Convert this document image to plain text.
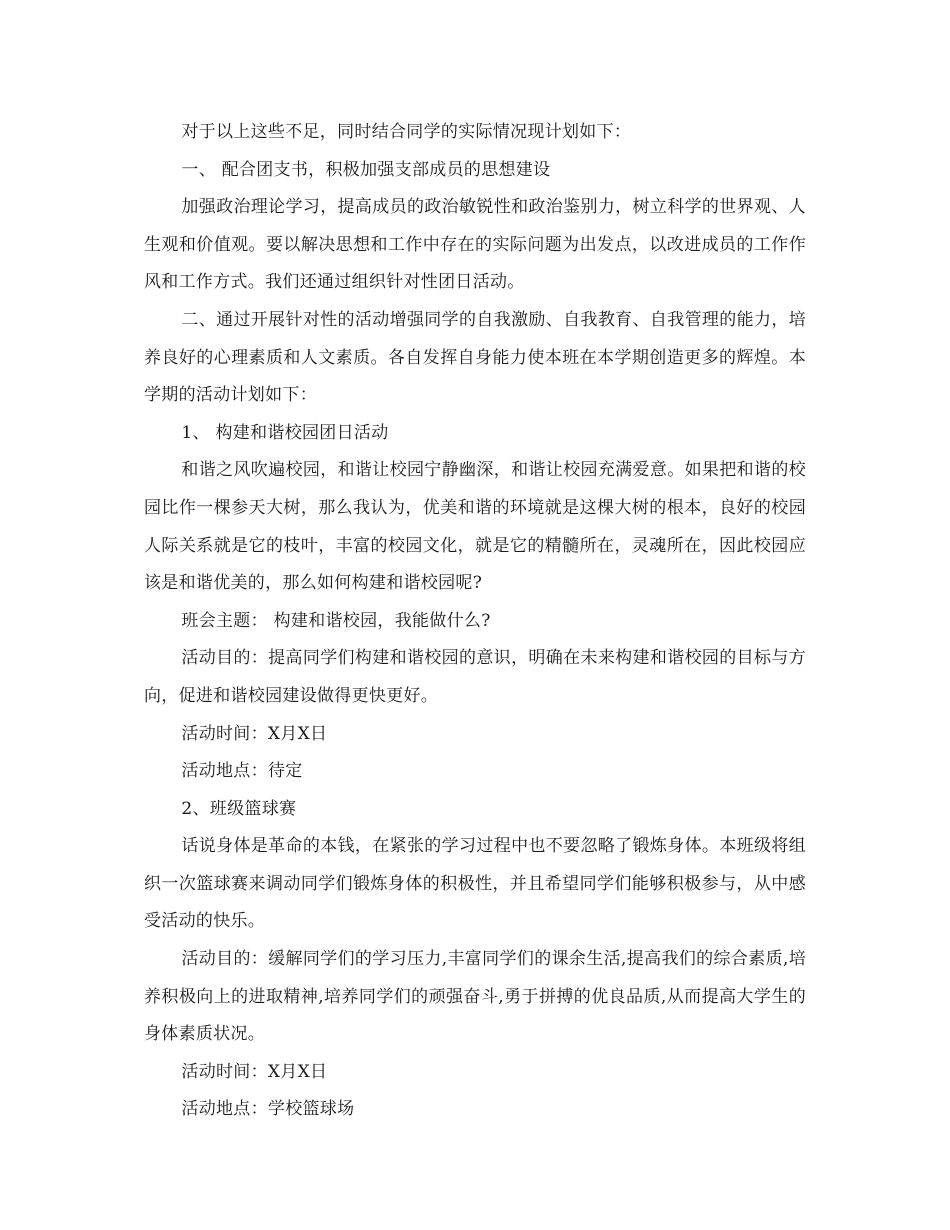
对于以上这些不足，同时结合同学的实际情况现计划如下：

一、 配合团支书，积极加强支部成员的思想建设

加强政治理论学习，提高成员的政治敏锐性和政治鉴别力，树立科学的世界观、人生观和价值观。要以解决思想和工作中存在的实际问题为出发点，以改进成员的工作作风和工作方式。我们还通过组织针对性团日活动。

二、通过开展针对性的活动增强同学的自我激励、自我教育、自我管理的能力，培养良好的心理素质和人文素质。各自发挥自身能力使本班在本学期创造更多的辉煌。本学期的活动计划如下：

1、 构建和谐校园团日活动

和谐之风吹遍校园，和谐让校园宁静幽深，和谐让校园充满爱意。如果把和谐的校园比作一棵参天大树，那么我认为，优美和谐的环境就是这棵大树的根本，良好的校园人际关系就是它的枝叶，丰富的校园文化，就是它的精髓所在，灵魂所在，因此校园应该是和谐优美的，那么如何构建和谐校园呢?

班会主题： 构建和谐校园，我能做什么?

活动目的：提高同学们构建和谐校园的意识，明确在未来构建和谐校园的目标与方向，促进和谐校园建设做得更快更好。

活动时间：X月X日

活动地点：待定

2、班级篮球赛

话说身体是革命的本钱，在紧张的学习过程中也不要忽略了锻炼身体。本班级将组织一次篮球赛来调动同学们锻炼身体的积极性，并且希望同学们能够积极参与，从中感受活动的快乐。

活动目的：缓解同学们的学习压力,丰富同学们的课余生活,提高我们的综合素质,培养积极向上的进取精神,培养同学们的顽强奋斗,勇于拼搏的优良品质,从而提高大学生的身体素质状况。

活动时间：X月X日

活动地点：学校篮球场
